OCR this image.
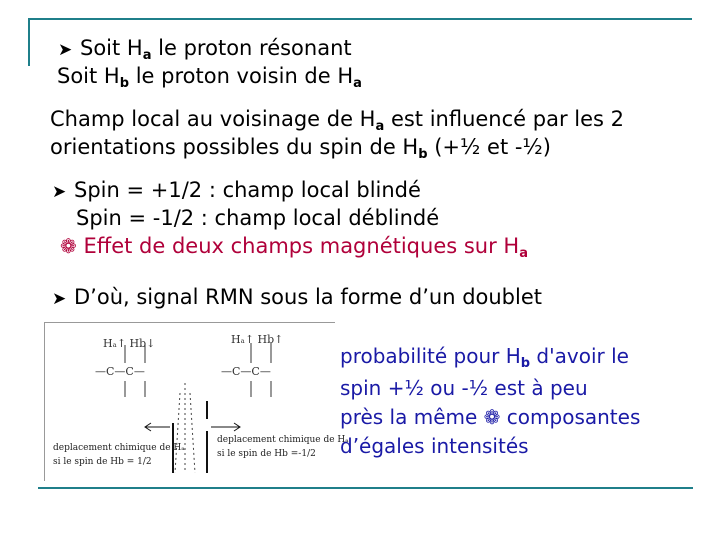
➤ Soit Ha le proton résonant
Soit Hb le proton voisin de Ha
Champ local au voisinage de Ha est influencé par les 2
orientations possibles du spin de Hb (+½ et -½)
➤ Spin = +1/2 : champ local blindé
Spin = -1/2 : champ local déblindé
❁ Effet de deux champs magnétiques sur Ha
➤ D’où, signal RMN sous la forme d’un doublet
Hₐ↑ Hb↓
—C—C—
Hₐ↑ Hb↑
—C—C—
deplacement chimique de Hₐ
si le spin de Hb = 1/2
deplacement chimique de Hₐ
si le spin de Hb =-1/2
probabilité pour $H_b$ d'avoir le
spin +½ ou -½ est à peu
près la même ❁ composantes
d’égales intensités
